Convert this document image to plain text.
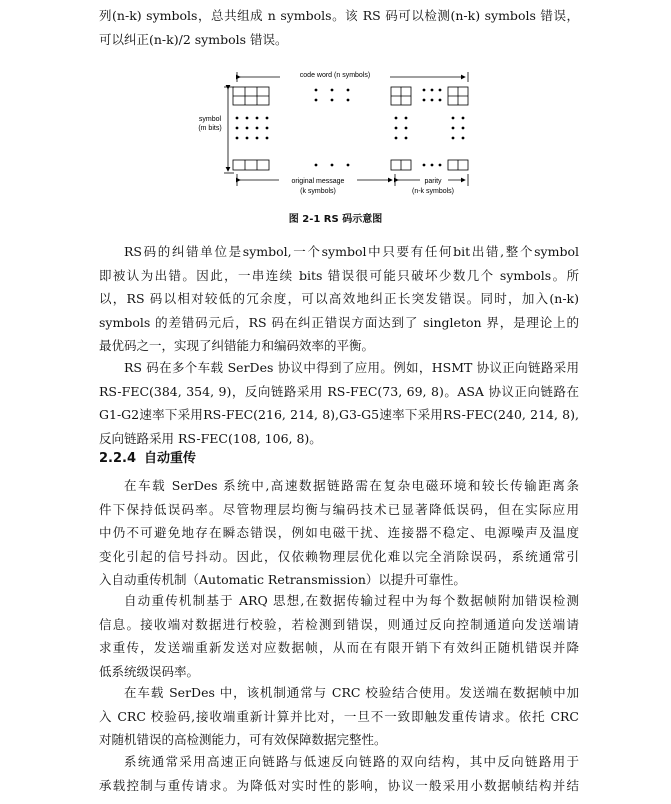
列(n-k) symbols，总共组成 n symbols。该 RS 码可以检测(n-k) symbols 错误，
可以纠正(n-k)/2 symbols 错误。
code word (n symbols)
symbol
(m bits)
original message
(k symbols)
parity
(n-k symbols)
图 2-1 RS 码示意图
RS码的纠错单位是symbol,一个symbol中只要有任何bit出错,整个symbol
即被认为出错。因此，一串连续 bits 错误很可能只破坏少数几个 symbols。所
以，RS 码以相对较低的冗余度，可以高效地纠正长突发错误。同时，加入(n-k)
symbols 的差错码元后，RS 码在纠正错误方面达到了 singleton 界，是理论上的
最优码之一，实现了纠错能力和编码效率的平衡。
RS 码在多个车载 SerDes 协议中得到了应用。例如，HSMT 协议正向链路采用
RS-FEC(384, 354, 9)，反向链路采用 RS-FEC(73, 69, 8)。ASA 协议正向链路在
G1-G2速率下采用RS-FEC(216, 214, 8),G3-G5速率下采用RS-FEC(240, 214, 8),
反向链路采用 RS-FEC(108, 106, 8)。
2.2.4 自动重传
在车载 SerDes 系统中,高速数据链路需在复杂电磁环境和较长传输距离条
件下保持低误码率。尽管物理层均衡与编码技术已显著降低误码，但在实际应用
中仍不可避免地存在瞬态错误，例如电磁干扰、连接器不稳定、电源噪声及温度
变化引起的信号抖动。因此，仅依赖物理层优化难以完全消除误码，系统通常引
入自动重传机制（Automatic Retransmission）以提升可靠性。
自动重传机制基于 ARQ 思想,在数据传输过程中为每个数据帧附加错误检测
信息。接收端对数据进行校验，若检测到错误，则通过反向控制通道向发送端请
求重传，发送端重新发送对应数据帧，从而在有限开销下有效纠正随机错误并降
低系统级误码率。
在车载 SerDes 中，该机制通常与 CRC 校验结合使用。发送端在数据帧中加
入 CRC 校验码,接收端重新计算并比对，一旦不一致即触发重传请求。依托 CRC
对随机错误的高检测能力，可有效保障数据完整性。
系统通常采用高速正向链路与低速反向链路的双向结构，其中反向链路用于
承载控制与重传请求。为降低对实时性的影响，协议一般采用小数据帧结构并结
